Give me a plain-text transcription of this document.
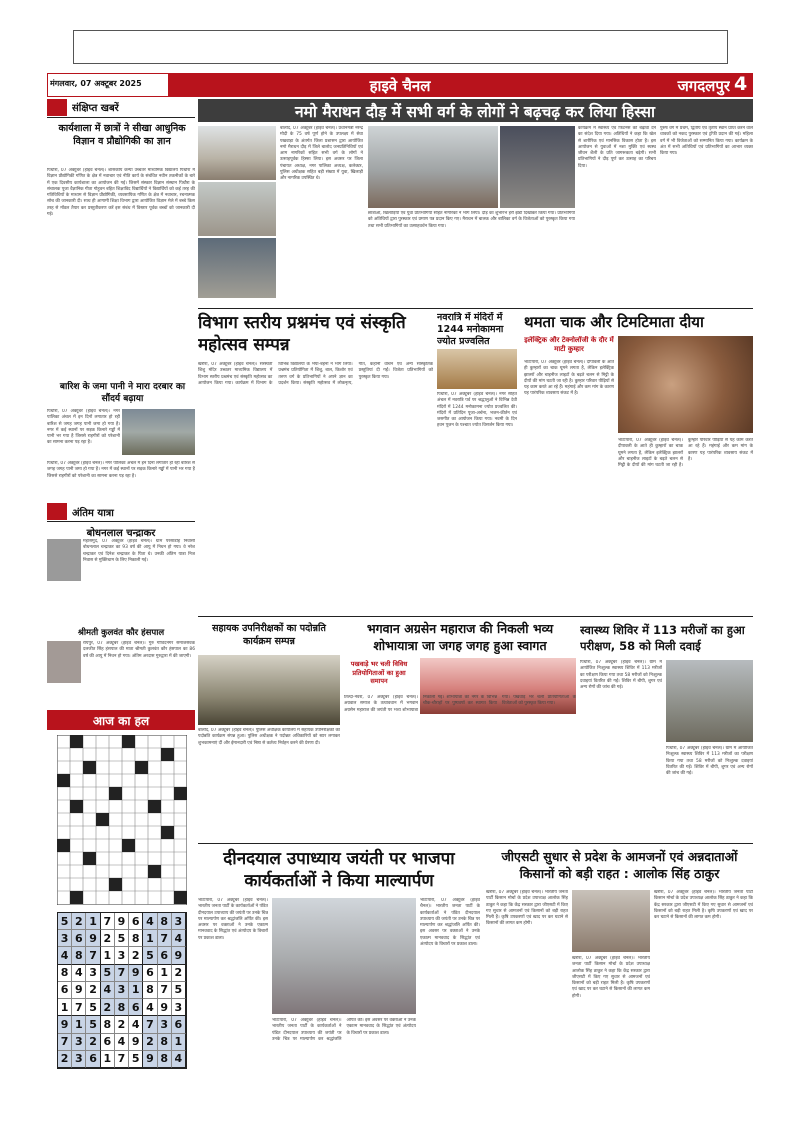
मंगलवार, 07 अक्टूबर 2025	हाइवे चैनल	जगदलपुर 4
संक्षिप्त खबरें
कार्यशाला में छात्रों ने सीखा आधुनिक विज्ञान व प्रौद्योगिकी का ज्ञान
पिथौरा, 07 अक्टूबर (हाइवे चैनल)। शासकीय कन्या उच्चतर माध्यमिक विद्यालय पिथौरा में विज्ञान प्रौद्योगिकी गणित के क्षेत्र में नवाचार एवं नीति कार्य के संबंधित नवीन तकनीकों के बारे में एक दिवसीय कार्यशाला का आयोजन की गई। जिसमें संस्कार विज्ञान संस्थान पिथौरा के संचालक पूजा वैज्ञानिक गीता गोहूवन बहित शिक्षाविद विद्यार्थियों ने विद्यार्थियों को कई तरह की गतिविधियों के माध्यम से विज्ञान प्रौद्योगिकी, व्यवसायिक गणित के क्षेत्र में नवाचार, रचनात्मक सोच की जानकारी दी। साथ ही आगामी शिक्षा विभाग द्वारा आयोजित विज्ञान मेले में बच्चे किस तरह से मॉडल तैयार कर प्रस्तुतीकरण करें इस संबंध में विस्तार पूर्वक बच्चों को जानकारी दी गई।
बारिश के जमा पानी ने मारा दरबार का सौंदर्य बढ़ाया
पिथौरा, 07 अक्टूबर (हाइवे चैनल)। नगर पालिका अंचल में इन दिनों लगातार हो रही बारिश से जगह जगह पानी जमा हो गया है। नगर में कई स्थानों पर सड़क किनारे गड्ढों में पानी भर गया है जिससे राहगीरों को परेशानी का सामना करना पड़ रहा है।
पिथौरा, 07 अक्टूबर (हाइवे चैनल)। नगर पालिका अंचल में इन दिनों लगातार हो रही बारिश से जगह जगह पानी जमा हो गया है। नगर में कई स्थानों पर सड़क किनारे गड्ढों में पानी भर गया है जिससे राहगीरों को परेशानी का सामना करना पड़ रहा है।
अंतिम यात्रा
बोधनलाल चन्द्राकर
महासमुंद, 07 अक्टूबर (हाइवे चैनल)। ग्राम परसाडीह निवासी बोधनलाल चन्द्राकर का 93 वर्ष की आयु में निधन हो गया। वे नरेश चन्द्राकर एवं दिनेश चन्द्राकर के पिता थे। उनकी अंतिम यात्रा निज निवास से मुक्तिधाम के लिए निकाली गई।
श्रीमती कुलवंत कौर हंसपाल
रायपुर, 07 अक्टूबर (हाइवे चैनल)। गुरु गोविंदनगर समाजसेवक दलजीत सिंह हंसपाल की माता श्रीमती कुलवंत कौर हंसपाल का 86 वर्ष की आयु में निधन हो गया। अंतिम अरदास गुरुद्वारा में की जाएगी।
आज का हल
5 2 1 7 9 6 4 8 3
3 6 9 2 5 8 1 7 4
4 8 7 1 3 2 5 6 9
8 4 3 5 7 9 6 1 2
6 9 2 4 3 1 8 7 5
1 7 5 2 8 6 4 9 3
9 1 5 8 2 4 7 3 6
7 3 2 6 4 9 2 8 1
2 3 6 1 7 5 9 8 4
नमो मैराथन दौड़ में सभी वर्ग के लोगों ने बढ़चढ़ कर लिया हिस्सा
बालोद, 07 अक्टूबर (हाइवे चैनल)। प्रधानमंत्री नरेन्द्र मोदी के 75 वर्ष पूर्ण होने के उपलक्ष्य में सेवा पखवाड़ा के अंतर्गत जिला प्रशासन द्वारा आयोजित नमो मैराथन दौड़ में जिले बालोद जनप्रतिनिधियों एवं आम नागरिकों सहित सभी वर्ग के लोगों ने उत्साहपूर्वक हिस्सा लिया। इस अवसर पर जिला पंचायत अध्यक्ष, नगर पालिका अध्यक्ष, कलेक्टर, पुलिस अधीक्षक सहित बड़ी संख्या में युवा, खिलाड़ी और नागरिक उपस्थित थे।
छात्राओं, खिलाड़ियों एवं युवा प्रतिभागियों सहित नागरिकों ने भाग लिया। दौड़ का शुभारंभ हरी झंडी दिखाकर किया गया। प्रतिभागियों को अतिथियों द्वारा पुरस्कार एवं प्रमाण पत्र प्रदान किए गए। मैराथन में बालक और बालिका वर्ग के विजेताओं को पुरस्कृत किया गया तथा सभी प्रतिभागियों का उत्साहवर्धन किया गया।
कार्यक्रम में स्वास्थ्य एवं फिटनेस को बढ़ावा देने का संदेश दिया गया। अतिथियों ने कहा कि खेल से शारीरिक एवं मानसिक विकास होता है। इस आयोजन से युवाओं में नशा मुक्ति एवं स्वस्थ जीवन शैली के प्रति जागरूकता बढ़ेगी। सभी प्रतिभागियों ने दौड़ पूर्ण कर उत्साह का परिचय दिया।
पुरुष वर्ग में प्रथम, द्वितीय एवं तृतीय स्थान प्राप्त करने वाले धावकों को नकद पुरस्कार एवं ट्रॉफी प्रदान की गई। महिला वर्ग में भी विजेताओं को सम्मानित किया गया। कार्यक्रम के अंत में सभी अतिथियों एवं प्रतिभागियों का आभार व्यक्त किया गया।
विभाग स्तरीय प्रश्नमंच एवं संस्कृति महोत्सव सम्पन्न
खरोरा, 07 अक्टूबर (हाइवे चैनल)। सरस्वती शिशु मंदिर उच्चतर माध्यमिक विद्यालय में विभाग स्तरीय प्रश्नमंच एवं संस्कृति महोत्सव का आयोजन किया गया। कार्यक्रम में विभाग के विभिन्न विद्यालयों के भैया-बहनों ने भाग लिया। प्रश्नमंच प्रतियोगिता में शिशु, बाल, किशोर एवं तरुण वर्ग के प्रतिभागियों ने अपने ज्ञान का प्रदर्शन किया। संस्कृति महोत्सव में लोकनृत्य, गीत, कहानी वाचन एवं अन्य सांस्कृतिक प्रस्तुतियां दी गईं। विजेता प्रतिभागियों को पुरस्कृत किया गया।
नवरात्रि में मंदिरों में 1244 मनोकामना ज्योत प्रज्वलित
पिथौरा, 07 अक्टूबर (हाइवे चैनल)। नगर सहित अंचल में नवरात्रि पर्व पर श्रद्धालुओं ने विभिन्न देवी मंदिरों में 1244 मनोकामना ज्योत प्रज्वलित की। मंदिरों में प्रतिदिन पूजा-अर्चना, भजन-कीर्तन एवं जसगीत का आयोजन किया गया। नवमी के दिन हवन पूजन के पश्चात ज्योत विसर्जन किया गया।
थमता चाक और टिमटिमाता दीया
इलेक्ट्रिक और टेक्नोलॉजी के दौर में माटी कुम्हार
भाटापारा, 07 अक्टूबर (हाइवे चैनल)। दीपावली के आते ही कुम्हारों का चाक घूमने लगता है, लेकिन इलेक्ट्रिक झालरों और चाइनीज लाइटों के बढ़ते चलन से मिट्टी के दीयों की मांग घटती जा रही है। कुम्हार परिवार पीढ़ियों से यह काम करते आ रहे हैं। महंगाई और कम मांग के कारण यह पारंपरिक व्यवसाय संकट में है।
भाटापारा, 07 अक्टूबर (हाइवे चैनल)। दीपावली के आते ही कुम्हारों का चाक घूमने लगता है, लेकिन इलेक्ट्रिक झालरों और चाइनीज लाइटों के बढ़ते चलन से मिट्टी के दीयों की मांग घटती जा रही है। कुम्हार परिवार पीढ़ियों से यह काम करते आ रहे हैं। महंगाई और कम मांग के कारण यह पारंपरिक व्यवसाय संकट में है।
सहायक उपनिरीक्षकों का पदोन्नति कार्यक्रम सम्पन्न
बालोद, 07 अक्टूबर (हाइवे चैनल)। पुलिस अधीक्षक कार्यालय में सहायक उपनिरीक्षकों का पदोन्नति कार्यक्रम संपन्न हुआ। पुलिस अधीक्षक ने पदोन्नत अधिकारियों को स्टार लगाकर शुभकामनाएं दीं और ईमानदारी एवं निष्ठा से कर्तव्य निर्वहन करने की प्रेरणा दी।
भगवान अग्रसेन महाराज की निकली भव्य शोभायात्रा जा जगह जगह हुआ स्वागत
पखवाड़े भर चली विविध प्रतियोगिताओं का हुआ समापन
तिल्दा-नेवरा, 07 अक्टूबर (हाइवे चैनल)। अग्रवाल समाज के तत्वावधान में भगवान अग्रसेन महाराज की जयंती पर भव्य शोभायात्रा निकाली गई। शोभायात्रा का नगर के विभिन्न चौक-चौराहों पर पुष्पवर्षा कर स्वागत किया गया। पखवाड़े भर चली प्रतियोगिताओं के विजेताओं को पुरस्कृत किया गया।
स्वास्थ्य शिविर में 113 मरीजों का हुआ परीक्षण, 58 को मिली दवाई
पिथौरा, 07 अक्टूबर (हाइवे चैनल)। ग्राम में आयोजित निःशुल्क स्वास्थ्य शिविर में 113 मरीजों का परीक्षण किया गया तथा 58 मरीजों को निःशुल्क दवाइयां वितरित की गईं। शिविर में बीपी, शुगर एवं अन्य रोगों की जांच की गई।
पिथौरा, 07 अक्टूबर (हाइवे चैनल)। ग्राम में आयोजित निःशुल्क स्वास्थ्य शिविर में 113 मरीजों का परीक्षण किया गया तथा 58 मरीजों को निःशुल्क दवाइयां वितरित की गईं। शिविर में बीपी, शुगर एवं अन्य रोगों की जांच की गई।
दीनदयाल उपाध्याय जयंती पर भाजपा कार्यकर्ताओं ने किया माल्यार्पण
भाटापारा, 07 अक्टूबर (हाइवे चैनल)। भारतीय जनता पार्टी के कार्यकर्ताओं ने पंडित दीनदयाल उपाध्याय की जयंती पर उनके चित्र पर माल्यार्पण कर श्रद्धांजलि अर्पित की। इस अवसर पर वक्ताओं ने उनके एकात्म मानववाद के सिद्धांत एवं अंत्योदय के विचारों पर प्रकाश डाला।
भाटापारा, 07 अक्टूबर (हाइवे चैनल)। भारतीय जनता पार्टी के कार्यकर्ताओं ने पंडित दीनदयाल उपाध्याय की जयंती पर उनके चित्र पर माल्यार्पण कर श्रद्धांजलि अर्पित की। इस अवसर पर वक्ताओं ने उनके एकात्म मानववाद के सिद्धांत एवं अंत्योदय के विचारों पर प्रकाश डाला।
भाटापारा, 07 अक्टूबर (हाइवे चैनल)। भारतीय जनता पार्टी के कार्यकर्ताओं ने पंडित दीनदयाल उपाध्याय की जयंती पर उनके चित्र पर माल्यार्पण कर श्रद्धांजलि अर्पित की। इस अवसर पर वक्ताओं ने उनके एकात्म मानववाद के सिद्धांत एवं अंत्योदय के विचारों पर प्रकाश डाला।
जीएसटी सुधार से प्रदेश के आमजनों एवं अन्नदाताओं किसानों को बड़ी राहत : आलोक सिंह ठाकुर
खरोरा, 07 अक्टूबर (हाइवे चैनल)। भारतीय जनता पार्टी किसान मोर्चा के प्रदेश उपाध्यक्ष आलोक सिंह ठाकुर ने कहा कि केंद्र सरकार द्वारा जीएसटी में किए गए सुधार से आमजनों एवं किसानों को बड़ी राहत मिली है। कृषि उपकरणों एवं खाद पर कर घटाने से किसानों की लागत कम होगी।
खरोरा, 07 अक्टूबर (हाइवे चैनल)। भारतीय जनता पार्टी किसान मोर्चा के प्रदेश उपाध्यक्ष आलोक सिंह ठाकुर ने कहा कि केंद्र सरकार द्वारा जीएसटी में किए गए सुधार से आमजनों एवं किसानों को बड़ी राहत मिली है। कृषि उपकरणों एवं खाद पर कर घटाने से किसानों की लागत कम होगी।
खरोरा, 07 अक्टूबर (हाइवे चैनल)। भारतीय जनता पार्टी किसान मोर्चा के प्रदेश उपाध्यक्ष आलोक सिंह ठाकुर ने कहा कि केंद्र सरकार द्वारा जीएसटी में किए गए सुधार से आमजनों एवं किसानों को बड़ी राहत मिली है। कृषि उपकरणों एवं खाद पर कर घटाने से किसानों की लागत कम होगी।
